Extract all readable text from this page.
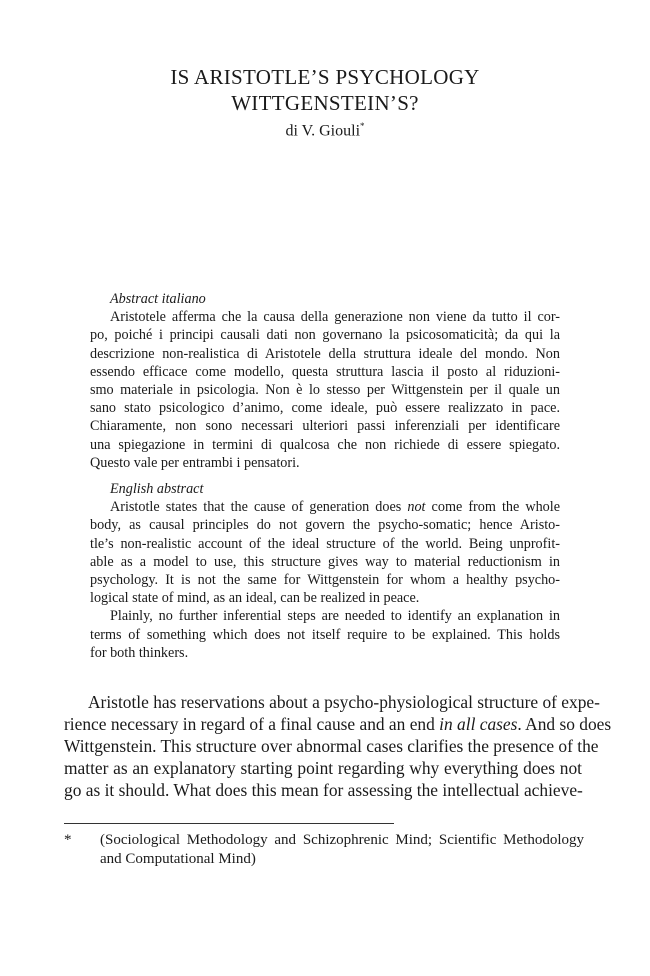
IS ARISTOTLE’S PSYCHOLOGY
WITTGENSTEIN’S?
di V. Giouli*
Abstract italiano
Aristotele afferma che la causa della generazione non viene da tutto il cor-
po, poiché i principi causali dati non governano la psicosomaticità; da qui la
descrizione non-realistica di Aristotele della struttura ideale del mondo. Non
essendo efficace come modello, questa struttura lascia il posto al riduzioni-
smo materiale in psicologia. Non è lo stesso per Wittgenstein per il quale un
sano stato psicologico d’animo, come ideale, può essere realizzato in pace.
Chiaramente, non sono necessari ulteriori passi inferenziali per identificare
una spiegazione in termini di qualcosa che non richiede di essere spiegato.
Questo vale per entrambi i pensatori.
English abstract
Aristotle states that the cause of generation does not come from the whole
body, as causal principles do not govern the psycho-somatic; hence Aristo-
tle’s non-realistic account of the ideal structure of the world. Being unprofit-
able as a model to use, this structure gives way to material reductionism in
psychology. It is not the same for Wittgenstein for whom a healthy psycho-
logical state of mind, as an ideal, can be realized in peace.
Plainly, no further inferential steps are needed to identify an explanation in
terms of something which does not itself require to be explained. This holds
for both thinkers.
Aristotle has reservations about a psycho-physiological structure of expe-
rience necessary in regard of a final cause and an end in all cases. And so does
Wittgenstein. This structure over abnormal cases clarifies the presence of the
matter as an explanatory starting point regarding why everything does not
go as it should. What does this mean for assessing the intellectual achieve-
* (Sociological Methodology and Schizophrenic Mind; Scientific Methodology
and Computational Mind)
